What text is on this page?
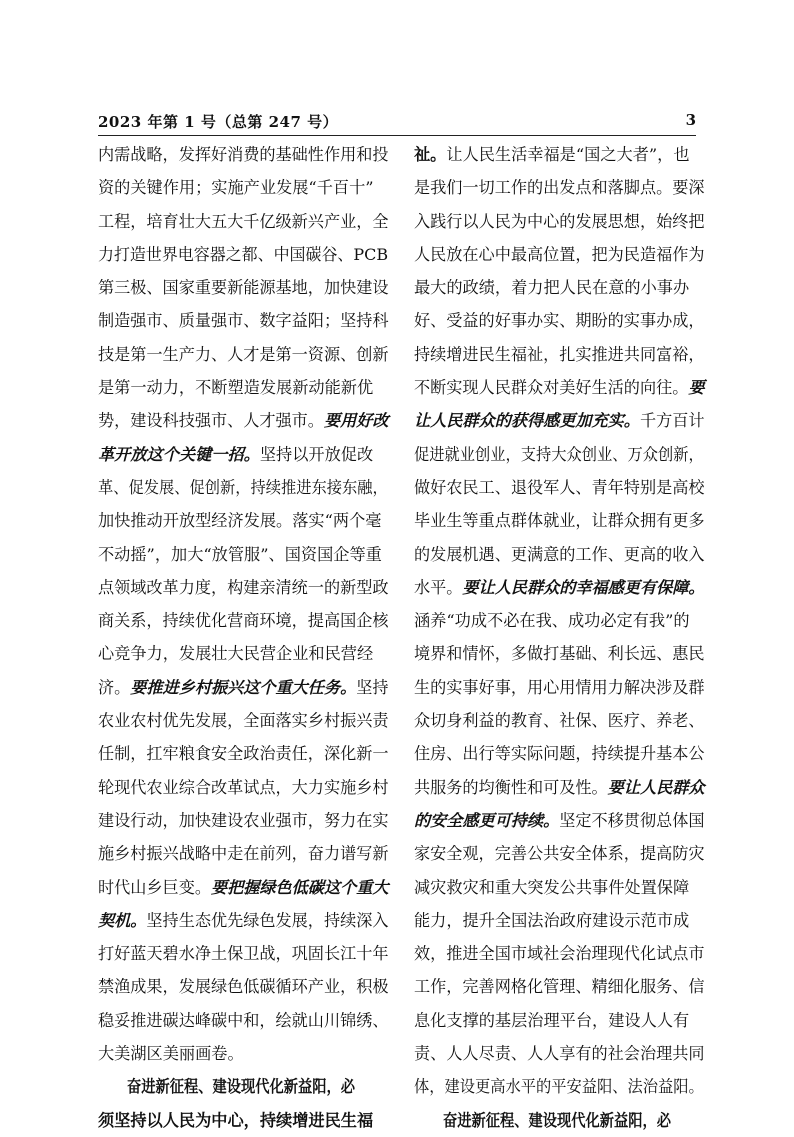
2023 年第 1 号（总第 247 号）	3
内需战略，发挥好消费的基础性作用和投
资的关键作用；实施产业发展“千百十”
工程，培育壮大五大千亿级新兴产业，全
力打造世界电容器之都、中国碳谷、PCB
第三极、国家重要新能源基地，加快建设
制造强市、质量强市、数字益阳；坚持科
技是第一生产力、人才是第一资源、创新
是第一动力，不断塑造发展新动能新优
势，建设科技强市、人才强市。要用好改
革开放这个关键一招。坚持以开放促改
革、促发展、促创新，持续推进东接东融，
加快推动开放型经济发展。落实“两个毫
不动摇”，加大“放管服”、国资国企等重
点领域改革力度，构建亲清统一的新型政
商关系，持续优化营商环境，提高国企核
心竞争力，发展壮大民营企业和民营经
济。要推进乡村振兴这个重大任务。坚持
农业农村优先发展，全面落实乡村振兴责
任制，扛牢粮食安全政治责任，深化新一
轮现代农业综合改革试点，大力实施乡村
建设行动，加快建设农业强市，努力在实
施乡村振兴战略中走在前列，奋力谱写新
时代山乡巨变。要把握绿色低碳这个重大
契机。坚持生态优先绿色发展，持续深入
打好蓝天碧水净土保卫战，巩固长江十年
禁渔成果，发展绿色低碳循环产业，积极
稳妥推进碳达峰碳中和，绘就山川锦绣、
大美湖区美丽画卷。
奋进新征程、建设现代化新益阳，必
须坚持以人民为中心，持续增进民生福
祉。让人民生活幸福是“国之大者”，也
是我们一切工作的出发点和落脚点。要深
入践行以人民为中心的发展思想，始终把
人民放在心中最高位置，把为民造福作为
最大的政绩，着力把人民在意的小事办
好、受益的好事办实、期盼的实事办成，
持续增进民生福祉，扎实推进共同富裕，
不断实现人民群众对美好生活的向往。要
让人民群众的获得感更加充实。千方百计
促进就业创业，支持大众创业、万众创新，
做好农民工、退役军人、青年特别是高校
毕业生等重点群体就业，让群众拥有更多
的发展机遇、更满意的工作、更高的收入
水平。要让人民群众的幸福感更有保障。
涵养“功成不必在我、成功必定有我”的
境界和情怀，多做打基础、利长远、惠民
生的实事好事，用心用情用力解决涉及群
众切身利益的教育、社保、医疗、养老、
住房、出行等实际问题，持续提升基本公
共服务的均衡性和可及性。要让人民群众
的安全感更可持续。坚定不移贯彻总体国
家安全观，完善公共安全体系，提高防灾
减灾救灾和重大突发公共事件处置保障
能力，提升全国法治政府建设示范市成
效，推进全国市域社会治理现代化试点市
工作，完善网格化管理、精细化服务、信
息化支撑的基层治理平台，建设人人有
责、人人尽责、人人享有的社会治理共同
体，建设更高水平的平安益阳、法治益阳。
奋进新征程、建设现代化新益阳，必
